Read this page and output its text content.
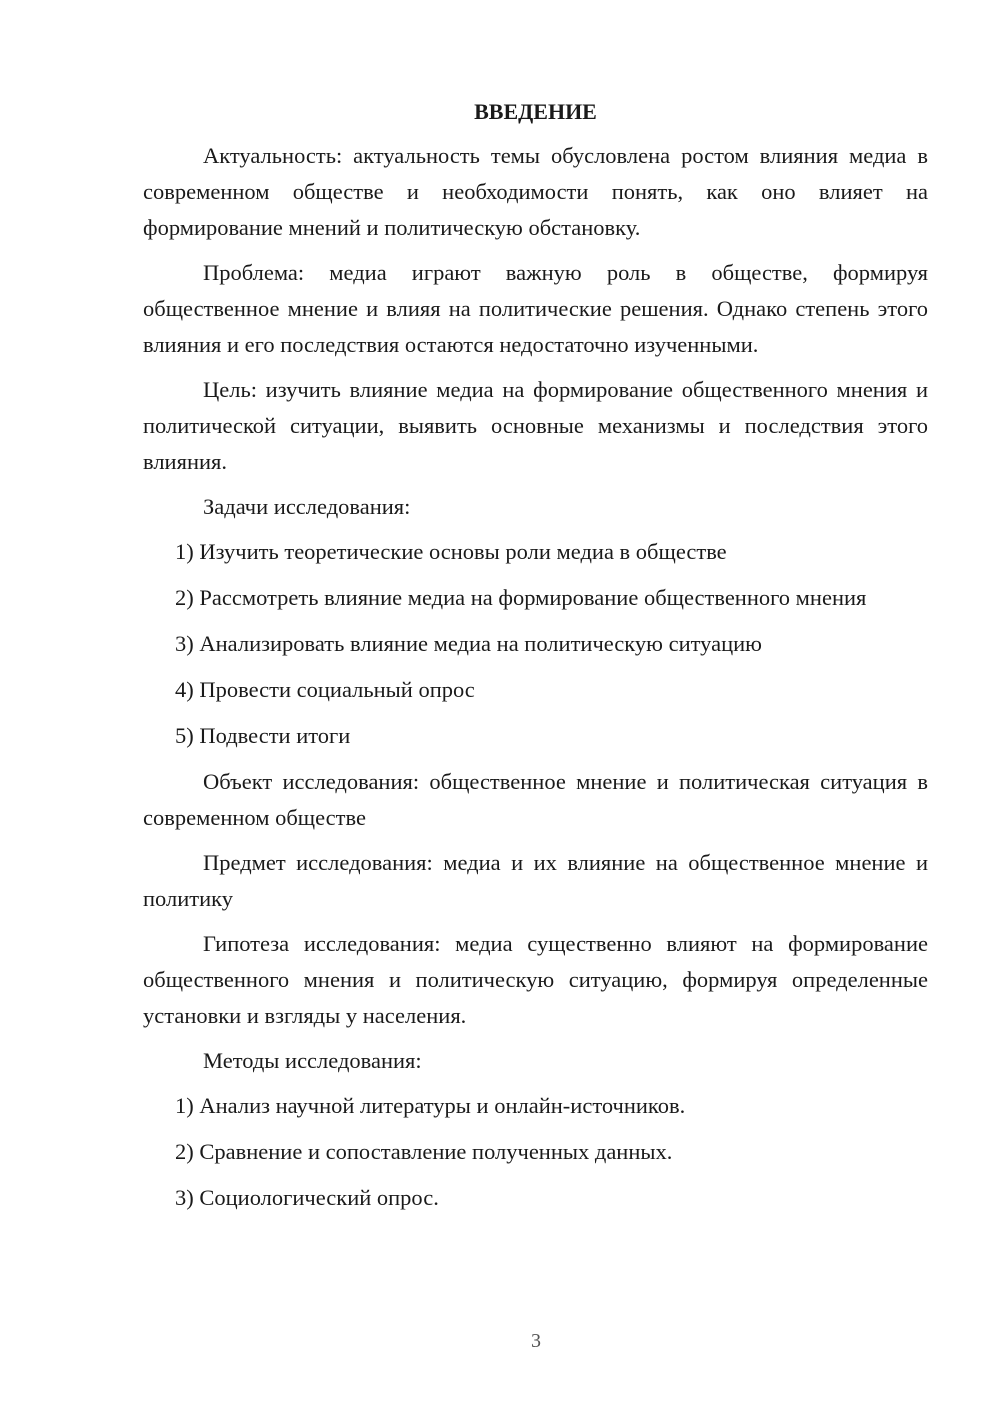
ВВЕДЕНИЕ

Актуальность: актуальность темы обусловлена ростом влияния медиа в современном обществе и необходимости понять, как оно влияет на формирование мнений и политическую обстановку.

Проблема: медиа играют важную роль в обществе, формируя общественное мнение и влияя на политические решения. Однако степень этого влияния и его последствия остаются недостаточно изученными.

Цель: изучить влияние медиа на формирование общественного мнения и политической ситуации, выявить основные механизмы и последствия этого влияния.

Задачи исследования:

1) Изучить теоретические основы роли медиа в обществе

2) Рассмотреть влияние медиа на формирование общественного мнения

3) Анализировать влияние медиа на политическую ситуацию

4) Провести социальный опрос

5) Подвести итоги

Объект исследования: общественное мнение и политическая ситуация в современном обществе

Предмет исследования: медиа и их влияние на общественное мнение и политику

Гипотеза исследования: медиа существенно влияют на формирование общественного мнения и политическую ситуацию, формируя определенные установки и взгляды у населения.

Методы исследования:

1) Анализ научной литературы и онлайн-источников.

2) Сравнение и сопоставление полученных данных.

3) Социологический опрос.

3
